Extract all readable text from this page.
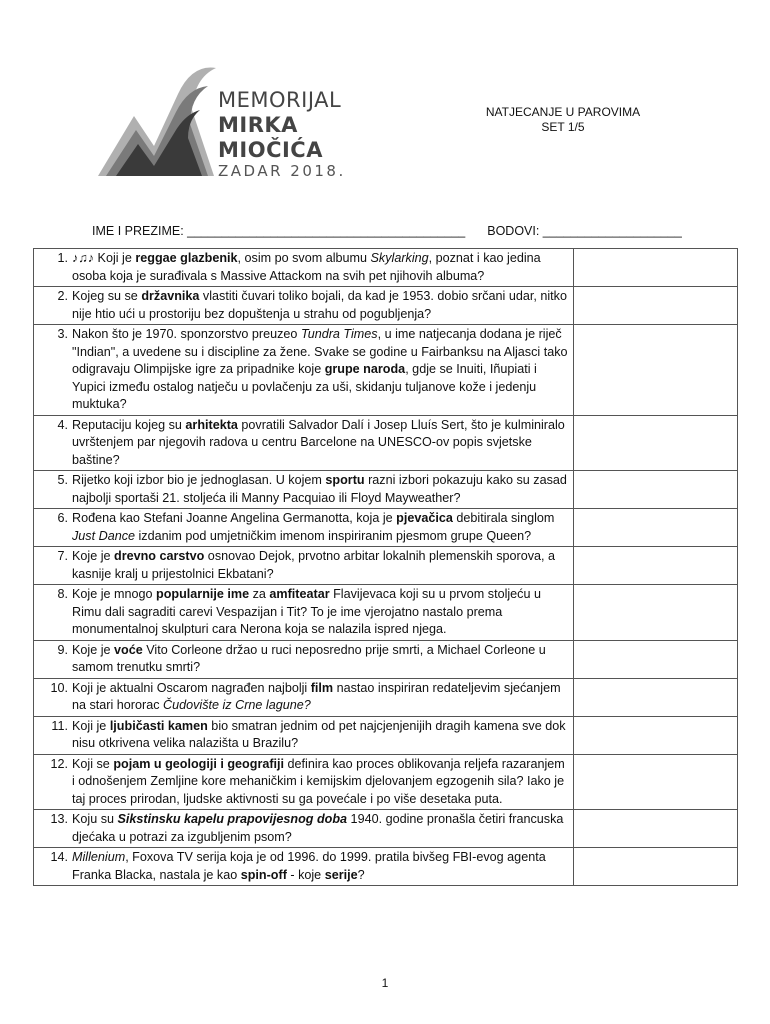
MEMORIJAL
MIRKA
MIOČIĆA
ZADAR 2018.
NATJECANJE U PAROVIMA
SET 1/5
IME I PREZIME: ________________________________________ BODOVI: ____________________
1. ♪♫♪ Koji je reggae glazbenik, osim po svom albumu Skylarking, poznat i kao jedina osoba koja je surađivala s Massive Attackom na svih pet njihovih albuma?	

2. Kojeg su se državnika vlastiti čuvari toliko bojali, da kad je 1953. dobio srčani udar, nitko nije htio ući u prostoriju bez dopuštenja u strahu od pogubljenja?	

3. Nakon što je 1970. sponzorstvo preuzeo Tundra Times, u ime natjecanja dodana je riječ "Indian", a uvedene su i discipline za žene. Svake se godine u Fairbanksu na Aljasci tako odigravaju Olimpijske igre za pripadnike koje grupe naroda, gdje se Inuiti, Iñupiati i Yupici između ostalog natječu u povlačenju za uši, skidanju tuljanove kože i jedenju muktuka?	

4. Reputaciju kojeg su arhitekta povratili Salvador Dalí i Josep Lluís Sert, što je kulminiralo uvrštenjem par njegovih radova u centru Barcelone na UNESCO-ov popis svjetske baštine?	

5. Rijetko koji izbor bio je jednoglasan. U kojem sportu razni izbori pokazuju kako su zasad najbolji sportaši 21. stoljeća ili Manny Pacquiao ili Floyd Mayweather?	

6. Rođena kao Stefani Joanne Angelina Germanotta, koja je pjevačica debitirala singlom Just Dance izdanim pod umjetničkim imenom inspiriranim pjesmom grupe Queen?	

7. Koje je drevno carstvo osnovao Dejok, prvotno arbitar lokalnih plemenskih sporova, a kasnije kralj u prijestolnici Ekbatani?	

8. Koje je mnogo popularnije ime za amfiteatar Flavijevaca koji su u prvom stoljeću u Rimu dali sagraditi carevi Vespazijan i Tit? To je ime vjerojatno nastalo prema monumentalnoj skulpturi cara Nerona koja se nalazila ispred njega.	

9. Koje je voće Vito Corleone držao u ruci neposredno prije smrti, a Michael Corleone u samom trenutku smrti?	

10. Koji je aktualni Oscarom nagrađen najbolji film nastao inspiriran redateljevim sjećanjem na stari hororac Čudovište iz Crne lagune?	

11. Koji je ljubičasti kamen bio smatran jednim od pet najcjenjenijih dragih kamena sve dok nisu otkrivena velika nalazišta u Brazilu?	

12. Koji se pojam u geologiji i geografiji definira kao proces oblikovanja reljefa razaranjem i odnošenjem Zemljine kore mehaničkim i kemijskim djelovanjem egzogenih sila? Iako je taj proces prirodan, ljudske aktivnosti su ga povećale i po više desetaka puta.	

13. Koju su Sikstinsku kapelu prapovijesnog doba 1940. godine pronašla četiri francuska djećaka u potrazi za izgubljenim psom?	

14. Millenium, Foxova TV serija koja je od 1996. do 1999. pratila bivšeg FBI-evog agenta Franka Blacka, nastala je kao spin-off - koje serije?	

1
